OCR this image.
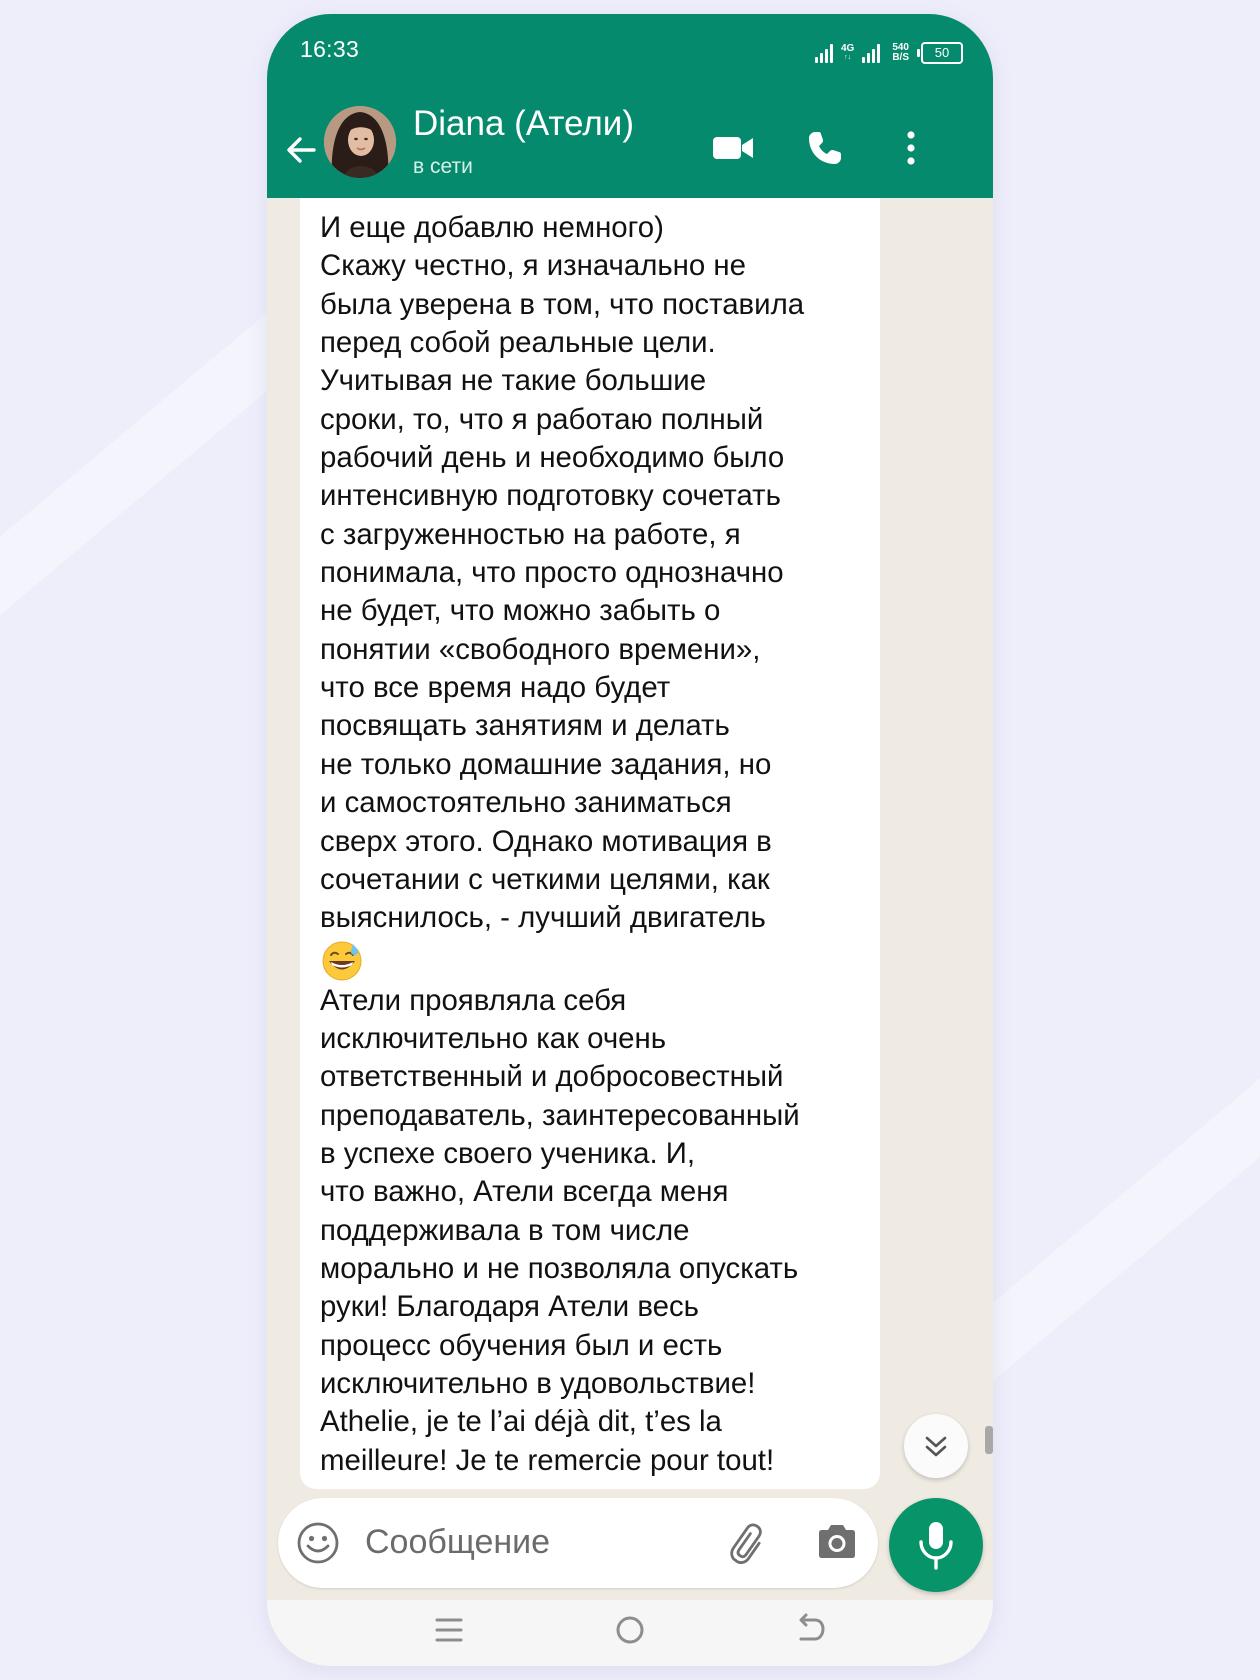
16:33	4G
↑↓
540
B/S	50
Diana (Атели)
в сети
И еще добавлю немного)
Скажу честно, я изначально не
была уверена в том, что поставила
перед собой реальные цели.
Учитывая не такие большие
сроки, то, что я работаю полный
рабочий день и необходимо было
интенсивную подготовку сочетать
с загруженностью на работе, я
понимала, что просто однозначно
не будет, что можно забыть о
понятии «свободного времени»,
что все время надо будет
посвящать занятиям и делать
не только домашние задания, но
и самостоятельно заниматься
сверх этого. Однако мотивация в
сочетании с четкими целями, как
выяснилось, - лучший двигатель
Атели проявляла себя
исключительно как очень
ответственный и добросовестный
преподаватель, заинтересованный
в успехе своего ученика. И,
что важно, Атели всегда меня
поддерживала в том числе
морально и не позволяла опускать
руки! Благодаря Атели весь
процесс обучения был и есть
исключительно в удовольствие!
Athelie, je te l’ai déjà dit, t’es la
meilleure! Je te remercie pour tout!
Сообщение
